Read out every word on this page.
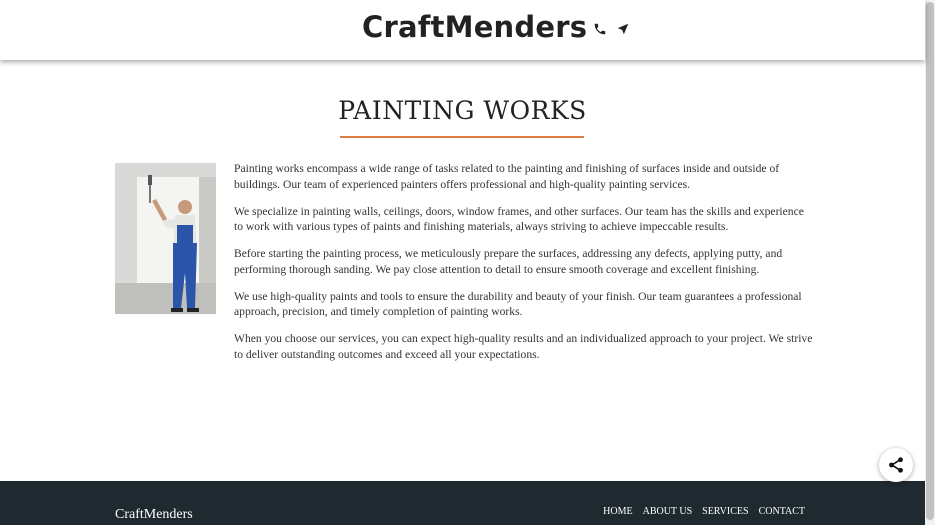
CraftMenders
PAINTING WORKS

Painting works encompass a wide range of tasks related to the painting and finishing of surfaces inside and outside of buildings. Our team of experienced painters offers professional and high-quality painting services.

We specialize in painting walls, ceilings, doors, window frames, and other surfaces. Our team has the skills and experience to work with various types of paints and finishing materials, always striving to achieve impeccable results.

Before starting the painting process, we meticulously prepare the surfaces, addressing any defects, applying putty, and performing thorough sanding. We pay close attention to detail to ensure smooth coverage and excellent finishing.

We use high-quality paints and tools to ensure the durability and beauty of your finish. Our team guarantees a professional approach, precision, and timely completion of painting works.

When you choose our services, you can expect high-quality results and an individualized approach to your project. We strive to deliver outstanding outcomes and exceed all your expectations.

CraftMenders	HOME ABOUT US SERVICES CONTACT
